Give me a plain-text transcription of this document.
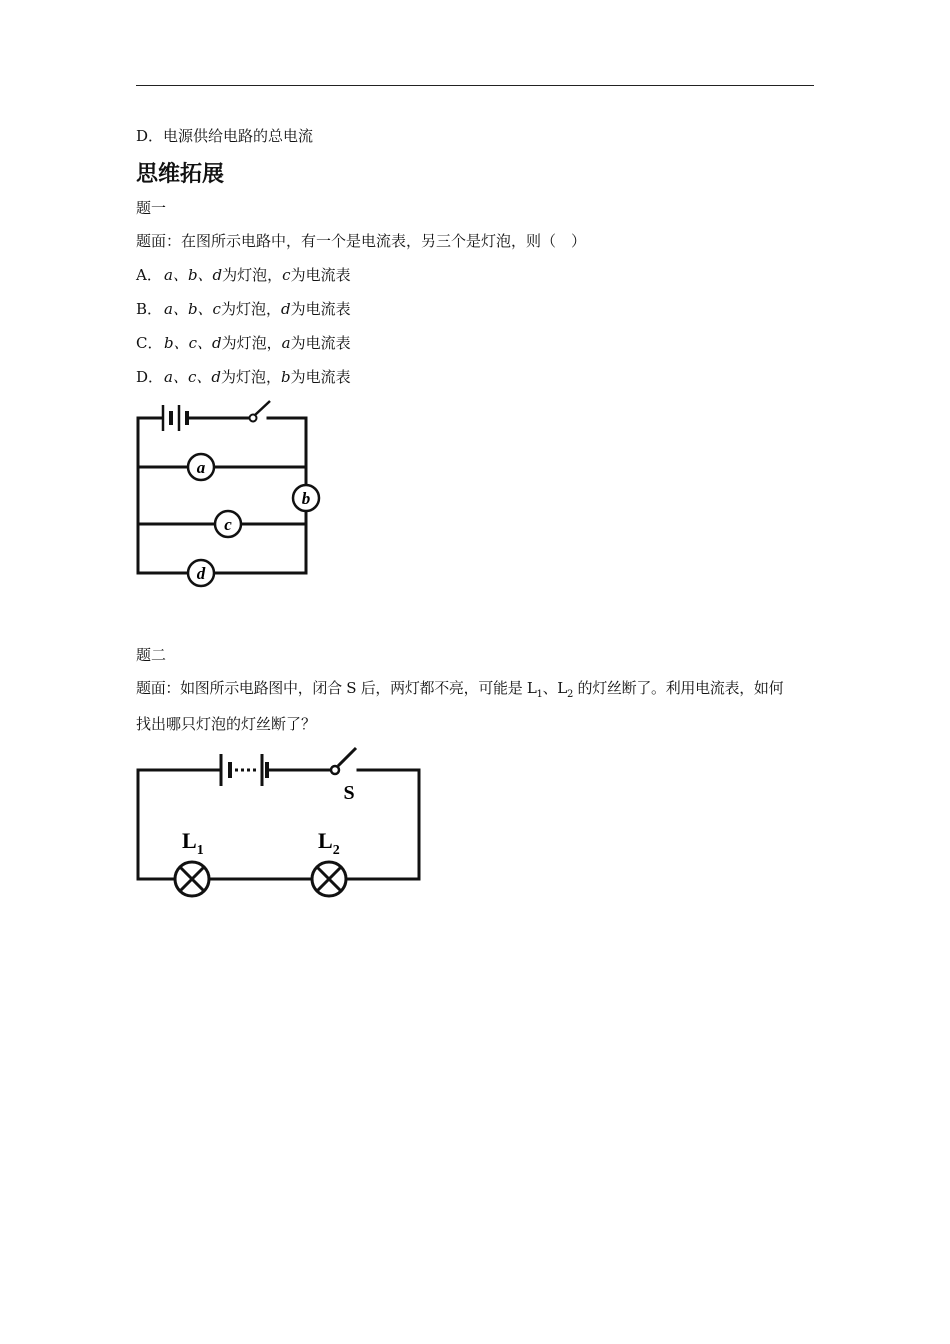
D．电源供给电路的总电流
思维拓展
题一
题面：在图所示电路中，有一个是电流表，另三个是灯泡，则（　）
A． a、b、d为灯泡，c为电流表
B． a、b、c为灯泡，d为电流表
C． b、c、d为灯泡，a为电流表
D．a、c、d为灯泡，b为电流表
a
b
c
d
题二
题面：如图所示电路图中，闭合 S 后，两灯都不亮，可能是 $L_1$、$L_2$ 的灯丝断了。利用电流表，如何
找出哪只灯泡的灯丝断了？
S
$L_1$	$L_2$
